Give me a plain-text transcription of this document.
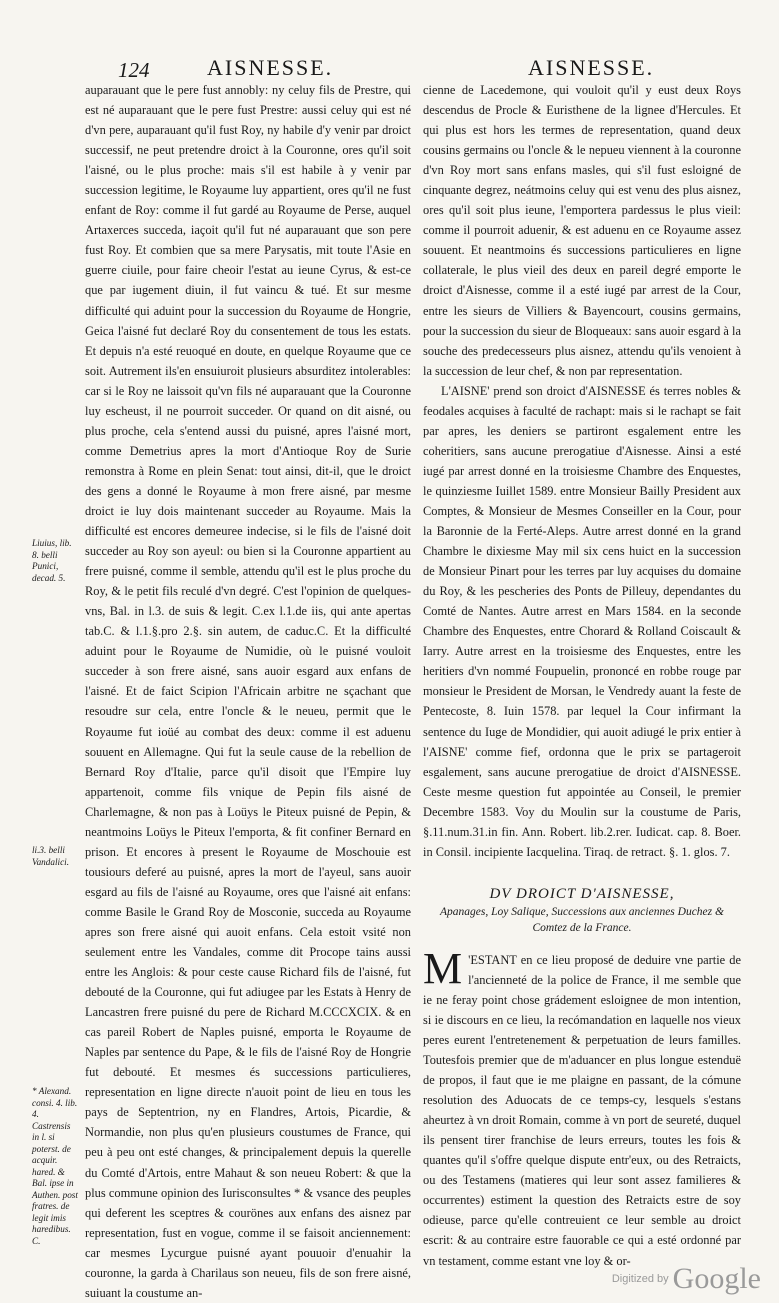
124	AISNESSE.	AISNESSE.
Liuius, lib. 8. belli Punici, decad. 5.
li.3. belli Vandalici.
* Alexand. consi. 4. lib. 4. Castrensis in l. si poterst. de acquir. hared. & Bal. ipse in Authen. post fratres. de legit imis haredibus. C.

auparauant que le pere fust annobly: ny celuy fils de Prestre, qui est né auparauant que le pere fust Prestre: aussi celuy qui est né d'vn pere, auparauant qu'il fust Roy, ny habile d'y venir par droict successif, ne peut pretendre droict à la Couronne, ores qu'il soit l'aisné, ou le plus proche: mais s'il est habile à y venir par succession legitime, le Royaume luy appartient, ores qu'il ne fust enfant de Roy: comme il fut gardé au Royaume de Perse, auquel Artaxerces succeda, iaçoit qu'il fut né auparauant que son pere fust Roy. Et combien que sa mere Parysatis, mit toute l'Asie en guerre ciuile, pour faire cheoir l'estat au ieune Cyrus, & est-ce que par iugement diuin, il fut vaincu & tué. Et sur mesme difficulté qui aduint pour la succession du Royaume de Hongrie, Geica l'aisné fut declaré Roy du consentement de tous les estats. Et depuis n'a esté reuoqué en doute, en quelque Royaume que ce soit. Autrement ils'en ensuiuroit plusieurs absurditez intolerables: car si le Roy ne laissoit qu'vn fils né auparauant que la Couronne luy escheust, il ne pourroit succeder. Or quand on dit aisné, ou plus proche, cela s'entend aussi du puisné, apres l'aisné mort, comme Demetrius apres la mort d'Antioque Roy de Surie remonstra à Rome en plein Senat: tout ainsi, dit-il, que le droict des gens a donné le Royaume à mon frere aisné, par mesme droict ie luy dois maintenant succeder au Royaume. Mais la difficulté est encores demeuree indecise, si le fils de l'aisné doit succeder au Roy son ayeul: ou bien si la Couronne appartient au frere puisné, comme il semble, attendu qu'il est le plus proche du Roy, & le petit fils reculé d'vn degré. C'est l'opinion de quelques-vns, Bal. in l.3. de suis & legit. C.ex l.1.de iis, qui ante apertas tab.C. & l.1.§.pro 2.§. sin autem, de caduc.C. Et la difficulté aduint pour le Royaume de Numidie, où le puisné vouloit succeder à son frere aisné, sans auoir esgard aux enfans de l'aisné. Et de faict Scipion l'Africain arbitre ne sçachant que resoudre sur cela, entre l'oncle & le neueu, permit que le Royaume fut ioüé au combat des deux: comme il est aduenu souuent en Allemagne. Qui fut la seule cause de la rebellion de Bernard Roy d'Italie, parce qu'il disoit que l'Empire luy appartenoit, comme fils vnique de Pepin fils aisné de Charlemagne, & non pas à Loüys le Piteux puisné de Pepin, & neantmoins Loüys le Piteux l'emporta, & fit confiner Bernard en prison. Et encores à present le Royaume de Moschouie est tousiours deferé au puisné, apres la mort de l'ayeul, sans auoir esgard au fils de l'aisné au Royaume, ores que l'aisné ait enfans: comme Basile le Grand Roy de Mosconie, succeda au Royaume apres son frere aisné qui auoit enfans. Cela estoit vsité non seulement entre les Vandales, comme dit Procope tains aussi entre les Anglois: & pour ceste cause Richard fils de l'aisné, fut debouté de la Couronne, qui fut adiugee par les Estats à Henry de Lancastren frere puisné du pere de Richard M.CCCXCIX. & en cas pareil Robert de Naples puisné, emporta le Royaume de Naples par sentence du Pape, & le fils de l'aisné Roy de Hongrie fut debouté. Et mesmes és successions particulieres, representation en ligne directe n'auoit point de lieu en tous les pays de Septentrion, ny en Flandres, Artois, Picardie, & Normandie, non plus qu'en plusieurs coustumes de France, qui peu à peu ont esté changes, & principalement depuis la querelle du Comté d'Artois, entre Mahaut & son neueu Robert: & que la plus commune opinion des Iurisconsultes * & vsance des peuples qui deferent les sceptres & courönes aux enfans des aisnez par representation, fust en vogue, comme il se faisoit anciennement: car mesmes Lycurgue puisné ayant pouuoir d'enuahir la couronne, la garda à Charilaus son neueu, fils de son frere aisné, suiuant la coustume an-

cienne de Lacedemone, qui vouloit qu'il y eust deux Roys descendus de Procle & Euristhene de la lignee d'Hercules. Et qui plus est hors les termes de representation, quand deux cousins germains ou l'oncle & le nepueu viennent à la couronne d'vn Roy mort sans enfans masles, qui s'il fust esloigné de cinquante degrez, neátmoins celuy qui est venu des plus aisnez, ores qu'il soit plus ieune, l'emportera pardessus le plus vieil: comme il pourroit aduenir, & est aduenu en ce Royaume assez souuent. Et neantmoins és successions particulieres en ligne collaterale, le plus vieil des deux en pareil degré emporte le droict d'Aisnesse, comme il a esté iugé par arrest de la Cour, entre les sieurs de Villiers & Bayencourt, cousins germains, pour la succession du sieur de Bloqueaux: sans auoir esgard à la souche des predecesseurs plus aisnez, attendu qu'ils venoient à la succession de leur chef, & non par representation.

L'AISNE' prend son droict d'AISNESSE és terres nobles & feodales acquises à faculté de rachapt: mais si le rachapt se fait par apres, les deniers se partiront esgalement entre les coheritiers, sans aucune prerogatiue d'Aisnesse. Ainsi a esté iugé par arrest donné en la troisiesme Chambre des Enquestes, le quinziesme Iuillet 1589. entre Monsieur Bailly President aux Comptes, & Monsieur de Mesmes Conseiller en la Cour, pour la Baronnie de la Ferté-Aleps. Autre arrest donné en la grand Chambre le dixiesme May mil six cens huict en la succession de Monsieur Pinart pour les terres par luy acquises du domaine du Roy, & les pescheries des Ponts de Pilleuy, dependantes du Comté de Nantes. Autre arrest en Mars 1584. en la seconde Chambre des Enquestes, entre Chorard & Rolland Coiscault & Iarry. Autre arrest en la troisiesme des Enquestes, entre les heritiers d'vn nommé Foupuelin, prononcé en robbe rouge par monsieur le President de Morsan, le Vendredy auant la feste de Pentecoste, 8. Iuin 1578. par lequel la Cour infirmant la sentence du Iuge de Mondidier, qui auoit adiugé le prix entier à l'AISNE' comme fief, ordonna que le prix se partageroit esgalement, sans aucune prerogatiue de droict d'AISNESSE. Ceste mesme question fut appointée au Conseil, le premier Decembre 1583. Voy du Moulin sur la coustume de Paris, §.11.num.31.in fin. Ann. Robert. lib.2.rer. Iudicat. cap. 8. Boer. in Consil. incipiente Iacquelina. Tiraq. de retract. §. 1. glos. 7.

DV DROICT D'AISNESSE,
Apanages, Loy Salique, Successions aux anciennes Duchez & Comtez de la France.

M 'ESTANT en ce lieu proposé de deduire vne partie de l'ancienneté de la police de France, il me semble que ie ne feray point chose grádement esloignee de mon intention, si ie discours en ce lieu, la recómandation en laquelle nos vieux peres eurent l'entretenement & perpetuation de leurs familles. Toutesfois premier que de m'aduancer en plus longue estenduë de propos, il faut que ie me plaigne en passant, de la cómune resolution des Aduocats de ce temps-cy, lesquels s'estans aheurtez à vn droit Romain, comme à vn port de seureté, duquel ils pensent tirer franchise de leurs erreurs, toutes les fois & quantes qu'il s'offre quelque dispute entr'eux, ou des Retraicts, ou des Testamens (matieres qui leur sont assez familieres & occurrentes) estiment la question des Retraicts estre de soy odieuse, parce qu'elle contreuient ce leur semble au droict escrit: & au contraire estre fauorable ce qui a esté ordonné par vn testament, comme estant vne loy & or-

Digitized by Google
